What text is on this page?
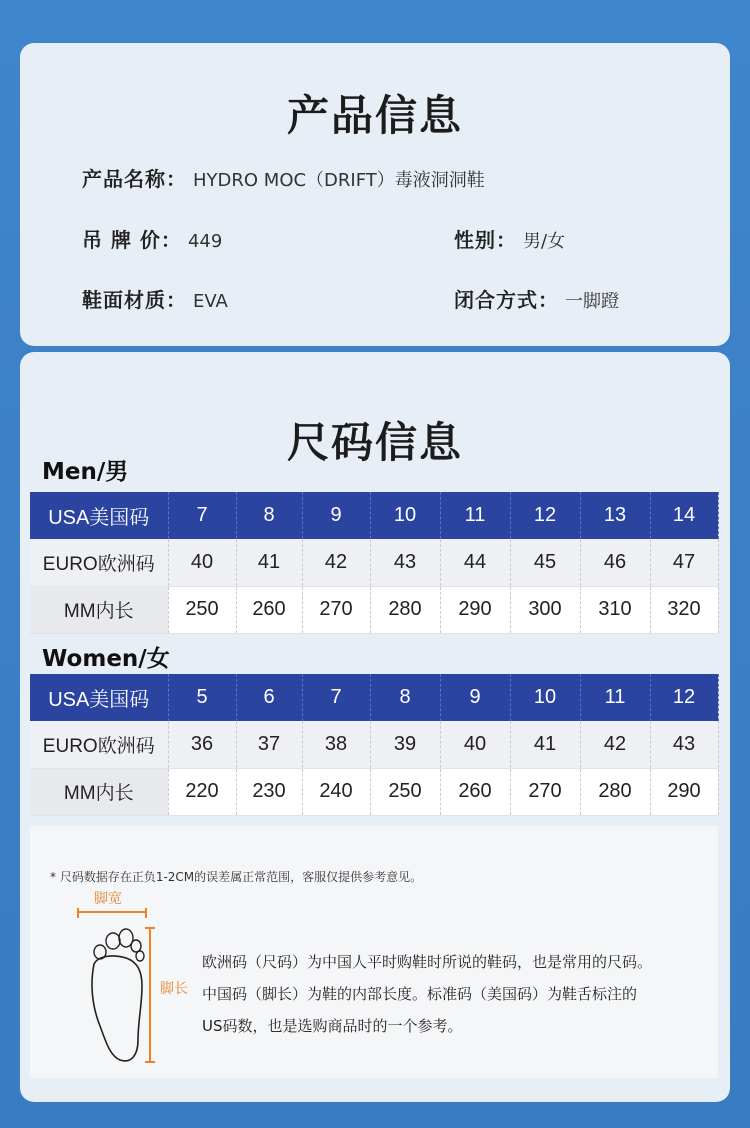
产品信息
产品名称： HYDRO MOC（DRIFT）毒液洞洞鞋
吊 牌 价： 449	性别： 男/女
鞋面材质： EVA	闭合方式： 一脚蹬
尺码信息
Men/男
USA美国码	7	8	9	10	11	12	13	14
EURO欧洲码	40	41	42	43	44	45	46	47
MM内长	250	260	270	280	290	300	310	320
Women/女
USA美国码	5	6	7	8	9	10	11	12
EURO欧洲码	36	37	38	39	40	41	42	43
MM内长	220	230	240	250	260	270	280	290
* 尺码数据存在正负1-2CM的误差属正常范围，客服仅提供参考意见。
脚宽
脚长
欧洲码（尺码）为中国人平时购鞋时所说的鞋码，也是常用的尺码。
中国码（脚长）为鞋的内部长度。标准码（美国码）为鞋舌标注的
US码数，也是选购商品时的一个参考。
